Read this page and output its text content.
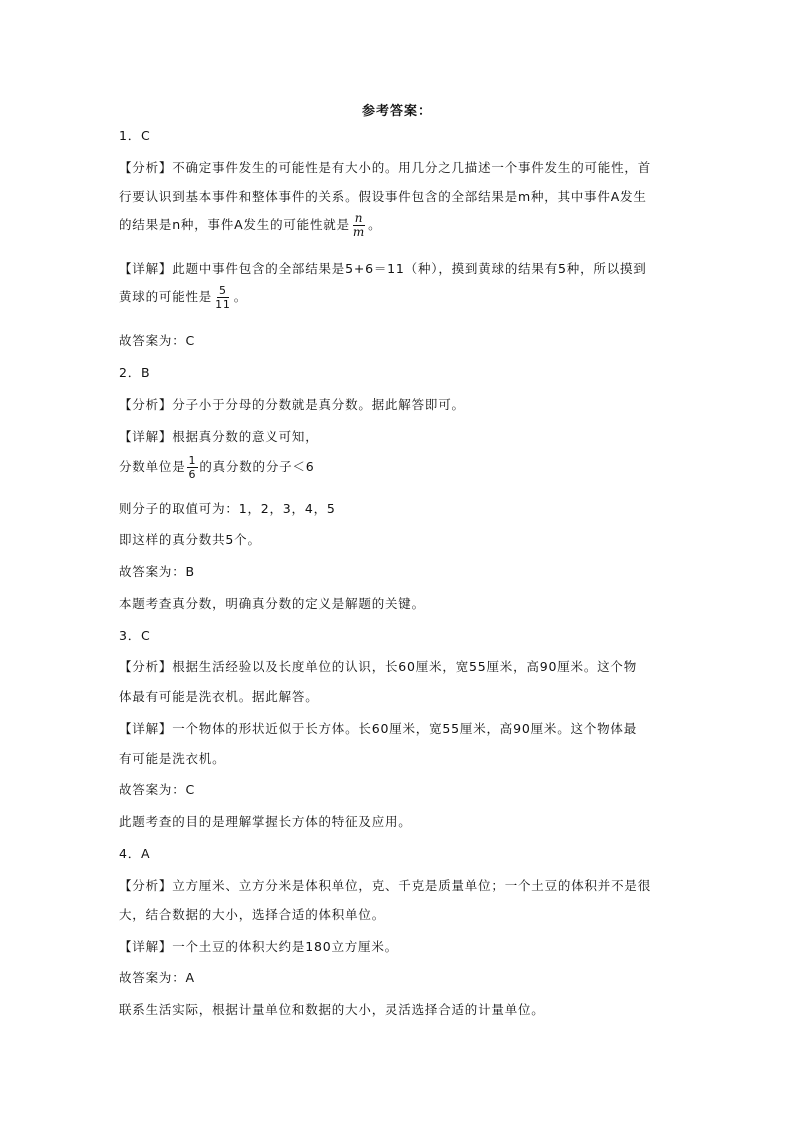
参考答案：
1．C
【分析】不确定事件发生的可能性是有大小的。用几分之几描述一个事件发生的可能性，首
行要认识到基本事件和整体事件的关系。假设事件包含的全部结果是m种，其中事件A发生
的结果是n种，事件A发生的可能性就是 $\frac{n}{m}$ 。
【详解】此题中事件包含的全部结果是5+6＝11（种），摸到黄球的结果有5种，所以摸到
黄球的可能性是 $\frac{5}{11}$ 。
故答案为：C
2．B
【分析】分子小于分母的分数就是真分数。据此解答即可。
【详解】根据真分数的意义可知，
分数单位是 $\frac{1}{6}$ 的真分数的分子＜6
则分子的取值可为：1，2，3，4，5
即这样的真分数共5个。
故答案为：B
本题考查真分数，明确真分数的定义是解题的关键。
3．C
【分析】根据生活经验以及长度单位的认识，长60厘米，宽55厘米，高90厘米。这个物
体最有可能是洗衣机。据此解答。
【详解】一个物体的形状近似于长方体。长60厘米，宽55厘米，高90厘米。这个物体最
有可能是洗衣机。
故答案为：C
此题考查的目的是理解掌握长方体的特征及应用。
4．A
【分析】立方厘米、立方分米是体积单位，克、千克是质量单位；一个土豆的体积并不是很
大，结合数据的大小，选择合适的体积单位。
【详解】一个土豆的体积大约是180立方厘米。
故答案为：A
联系生活实际，根据计量单位和数据的大小，灵活选择合适的计量单位。
